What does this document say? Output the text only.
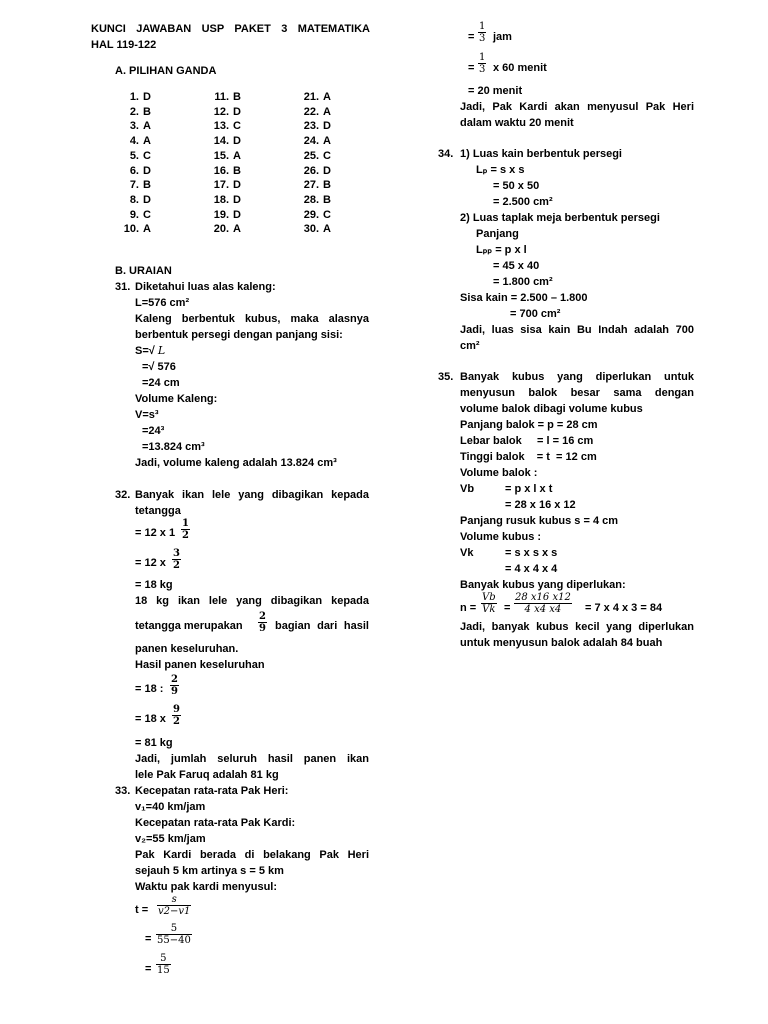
KUNCI JAWABAN USP PAKET 3 MATEMATIKA
HAL 119-122
A. PILIHAN GANDA
1. D
2. B
3. A
4. A
5. C
6. D
7. B
8. D
9. C
10. A
11. B
12. D
13. C
14. D
15. A
16. B
17. D
18. D
19. D
20. A
21. A
22. A
23. D
24. A
25. C
26. D
27. B
28. B
29. C
30. A
B. URAIAN
31. Diketahui luas alas kaleng:
L=576 cm²
Kaleng berbentuk kubus, maka alasnya
berbentuk persegi dengan panjang sisi:
S=√ L
=√ 576
=24 cm
Volume Kaleng:
V=s³
=24³
=13.824 cm³
Jadi, volume kaleng adalah 13.824 cm³
32. Banyak ikan lele yang dibagikan kepada
tetangga
= 12 x $1 \frac{1}{2}$
= 12 x $\frac{3}{2}$
= 18 kg
18 kg ikan lele yang dibagikan kepada
tetangga merupakan $\frac{2}{9}$ bagian dari hasil
panen keseluruhan.
Hasil panen keseluruhan
= 18 : $\frac{2}{9}$
= 18 x $\frac{9}{2}$
= 81 kg
Jadi, jumlah seluruh hasil panen ikan
lele Pak Faruq adalah 81 kg
33. Kecepatan rata-rata Pak Heri:
v₁=40 km/jam
Kecepatan rata-rata Pak Kardi:
v₂=55 km/jam
Pak Kardi berada di belakang Pak Heri
sejauh 5 km artinya s = 5 km
Waktu pak kardi menyusul:
$t = \frac{s}{v2-v1}$
= $\frac{5}{55-40}$
= $\frac{5}{15}$
= $\frac{1}{3}$ jam
= $\frac{1}{3}$ x 60 menit
= 20 menit
Jadi, Pak Kardi akan menyusul Pak Heri
dalam waktu 20 menit
34. 1) Luas kain berbentuk persegi
Lₚ = s x s
= 50 x 50
= 2.500 cm²
2) Luas taplak meja berbentuk persegi
Panjang
Lₚₚ = p x l
= 45 x 40
= 1.800 cm²
Sisa kain = 2.500 – 1.800
= 700 cm²
Jadi, luas sisa kain Bu Indah adalah 700
cm²
35. Banyak kubus yang diperlukan untuk
menyusun balok besar sama dengan
volume balok dibagi volume kubus
Panjang balok = p = 28 cm
Lebar balok     = l = 16 cm
Tinggi balok    = t  = 12 cm
Volume balok :
Vb	= p x l x t
= 28 x 16 x 12
Panjang rusuk kubus s = 4 cm
Volume kubus :
Vk	= s x s x s
= 4 x 4 x 4
Banyak kubus yang diperlukan:
$n = \frac{Vb}{Vk} = \frac{28 x16 x12}{4 x4 x4} = 7$ x 4 x 3 = 84
Jadi, banyak kubus kecil yang diperlukan
untuk menyusun balok adalah 84 buah
